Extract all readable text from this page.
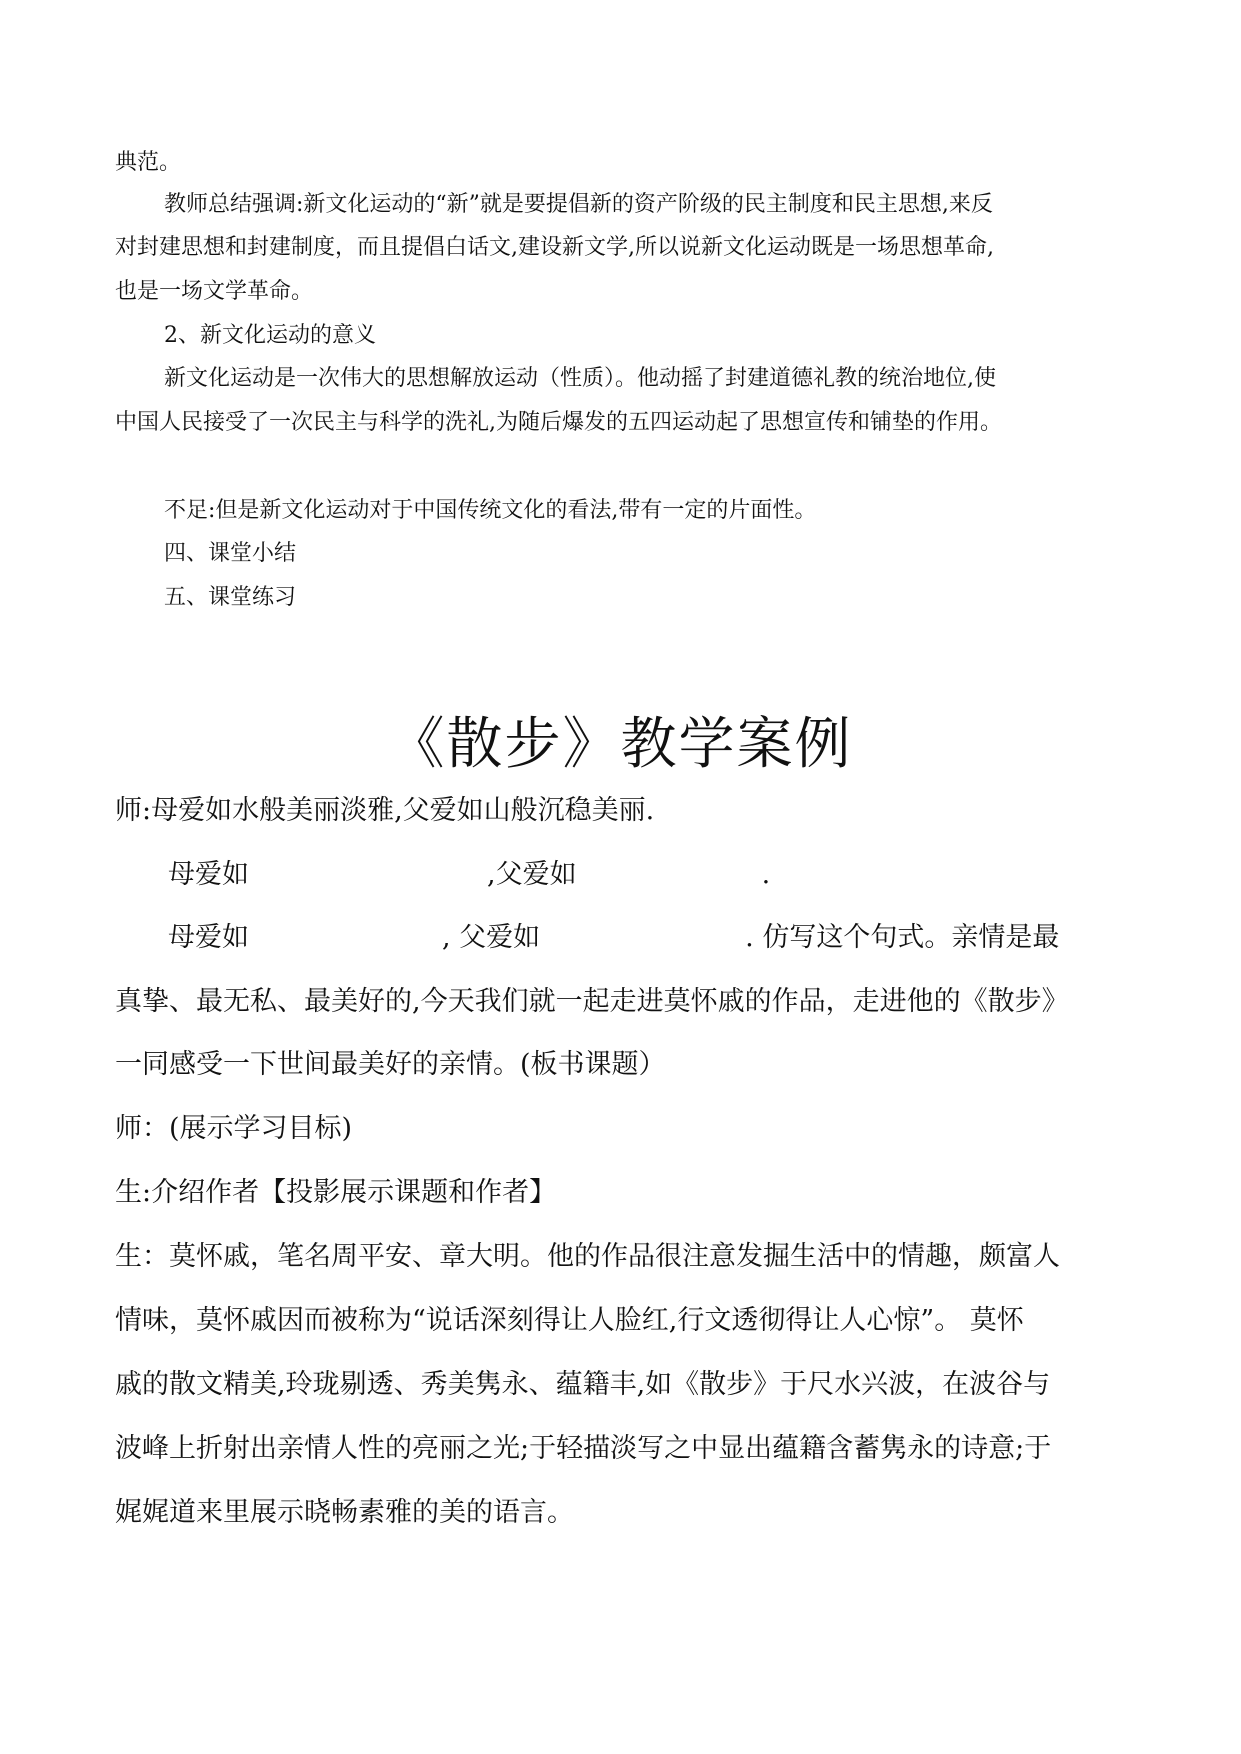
典范。
教师总结强调:新文化运动的“新”就是要提倡新的资产阶级的民主制度和民主思想,来反
对封建思想和封建制度，而且提倡白话文,建设新文学,所以说新文化运动既是一场思想革命,
也是一场文学革命。
2、新文化运动的意义
新文化运动是一次伟大的思想解放运动（性质）。他动摇了封建道德礼教的统治地位,使
中国人民接受了一次民主与科学的洗礼,为随后爆发的五四运动起了思想宣传和铺垫的作用。
不足:但是新文化运动对于中国传统文化的看法,带有一定的片面性。
四、课堂小结
五、课堂练习
《散步》教学案例
师:母爱如水般美丽淡雅,父爱如山般沉稳美丽.
母爱如	,父爱如	.
母爱如	, 父爱如	. 仿写这个句式。亲情是最
真挚、最无私、最美好的,今天我们就一起走进莫怀戚的作品，走进他的《散步》
一同感受一下世间最美好的亲情。(板书课题）
师：(展示学习目标)
生:介绍作者【投影展示课题和作者】
生：莫怀戚，笔名周平安、章大明。他的作品很注意发掘生活中的情趣，颇富人
情味，莫怀戚因而被称为“说话深刻得让人脸红,行文透彻得让人心惊”。 莫怀
戚的散文精美,玲珑剔透、秀美隽永、蕴籍丰,如《散步》于尺水兴波，在波谷与
波峰上折射出亲情人性的亮丽之光;于轻描淡写之中显出蕴籍含蓄隽永的诗意;于
娓娓道来里展示晓畅素雅的美的语言。
